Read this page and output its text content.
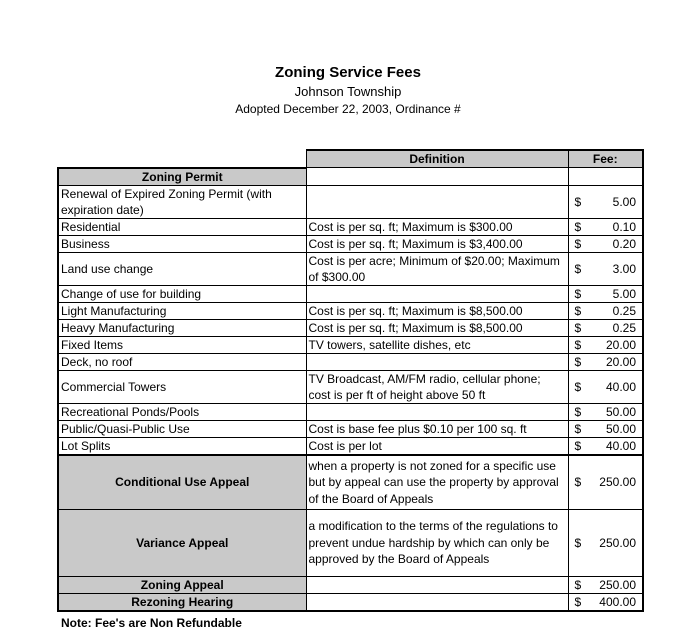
Zoning Service Fees
Johnson Township
Adopted December 22, 2003, Ordinance #
	Definition	Fee:
Zoning Permit		
Renewal of Expired Zoning Permit (with expiration date)		$ 5.00

Residential	Cost is per sq. ft; Maximum is $300.00	$ 0.10

Business	Cost is per sq. ft; Maximum is $3,400.00	$ 0.20

Land use change	Cost is per acre; Minimum of $20.00; Maximum of $300.00	$ 3.00

Change of use for building		$ 5.00

Light Manufacturing	Cost is per sq. ft; Maximum is $8,500.00	$ 0.25

Heavy Manufacturing	Cost is per sq. ft; Maximum is $8,500.00	$ 0.25

Fixed Items	TV towers, satellite dishes, etc	$ 20.00

Deck, no roof		$ 20.00

Commercial Towers	TV Broadcast, AM/FM radio, cellular phone; cost is per ft of height above 50 ft	$ 40.00

Recreational Ponds/Pools		$ 50.00

Public/Quasi-Public Use	Cost is base fee plus $0.10 per 100 sq. ft	$ 50.00

Lot Splits	Cost is per lot	$ 40.00

Conditional Use Appeal	when a property is not zoned for a specific use but by appeal can use the property by approval of the Board of Appeals	$ 250.00

Variance Appeal	a modification to the terms of the regulations to prevent undue hardship by which can only be approved by the Board of Appeals	$ 250.00

Zoning Appeal		$ 250.00

Rezoning Hearing		$ 400.00
Note: Fee's are Non Refundable
